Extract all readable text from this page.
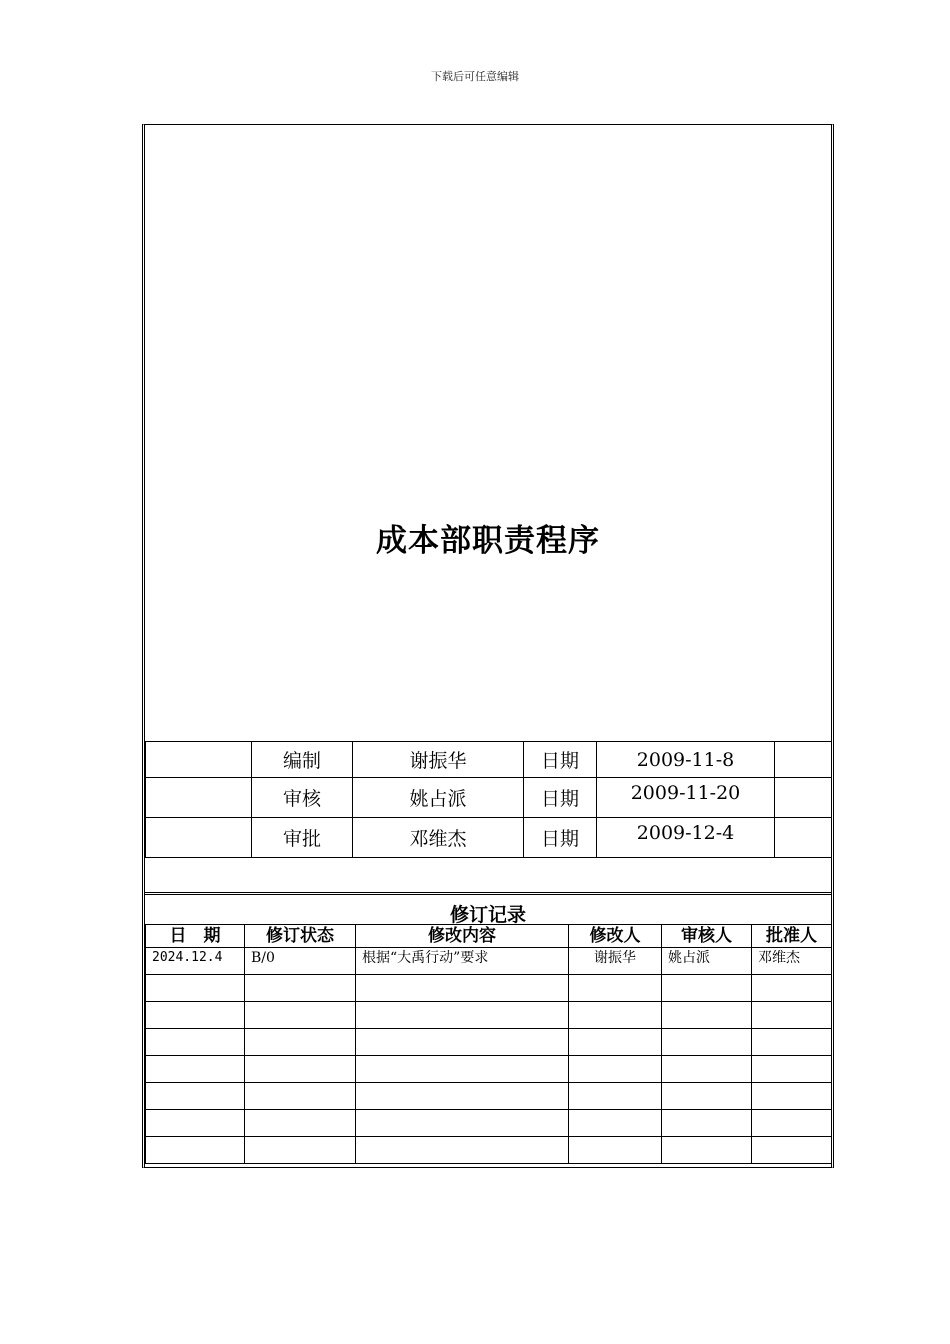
下载后可任意编辑
成本部职责程序
	编制	谢振华	日期	2009-11-8	
	审核	姚占派	日期	2009-11-20	
	审批	邓维杰	日期	2009-12-4	
修订记录
日　期	修订状态	修改内容	修改人	审核人	批准人
2024.12.4	B/0	根据“大禹行动”要求	谢振华	姚占派	邓维杰
